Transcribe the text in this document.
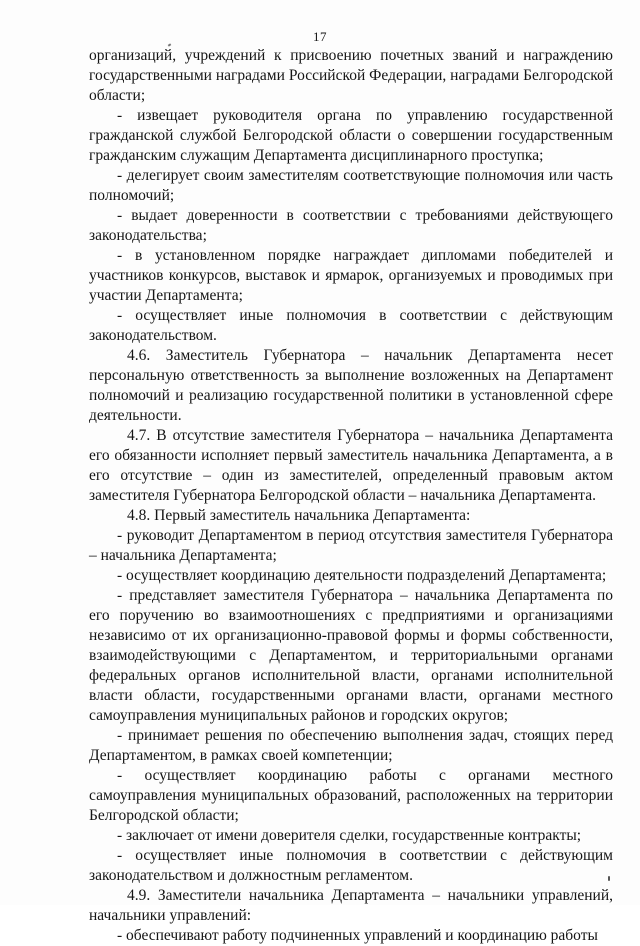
17

организаций, учреждений к присвоению почетных званий и награждению государственными наградами Российской Федерации, наградами Белгородской области;

- извещает руководителя органа по управлению государственной гражданской службой Белгородской области о совершении государственным гражданским служащим Департамента дисциплинарного проступка;

- делегирует своим заместителям соответствующие полномочия или часть полномочий;

- выдает доверенности в соответствии с требованиями действующего законодательства;

- в установленном порядке награждает дипломами победителей и участников конкурсов, выставок и ярмарок, организуемых и проводимых при участии Департамента;

- осуществляет иные полномочия в соответствии с действующим законодательством.

4.6. Заместитель Губернатора – начальник Департамента несет персональную ответственность за выполнение возложенных на Департамент полномочий и реализацию государственной политики в установленной сфере деятельности.

4.7. В отсутствие заместителя Губернатора – начальника Департамента его обязанности исполняет первый заместитель начальника Департамента, а в его отсутствие – один из заместителей, определенный правовым актом заместителя Губернатора Белгородской области – начальника Департамента.

4.8. Первый заместитель начальника Департамента:

- руководит Департаментом в период отсутствия заместителя Губернатора – начальника Департамента;

- осуществляет координацию деятельности подразделений Департамента;

- представляет заместителя Губернатора – начальника Департамента по его поручению во взаимоотношениях с предприятиями и организациями независимо от их организационно-правовой формы и формы собственности, взаимодействующими с Департаментом, и территориальными органами федеральных органов исполнительной власти, органами исполнительной власти области, государственными органами власти, органами местного самоуправления муниципальных районов и городских округов;

- принимает решения по обеспечению выполнения задач, стоящих перед Департаментом, в рамках своей компетенции;

- осуществляет координацию работы с органами местного самоуправления муниципальных образований, расположенных на территории Белгородской области;

- заключает от имени доверителя сделки, государственные контракты;

- осуществляет иные полномочия в соответствии с действующим законодательством и должностным регламентом.

4.9. Заместители начальника Департамента – начальники управлений, начальники управлений:

- обеспечивают работу подчиненных управлений и координацию работы
